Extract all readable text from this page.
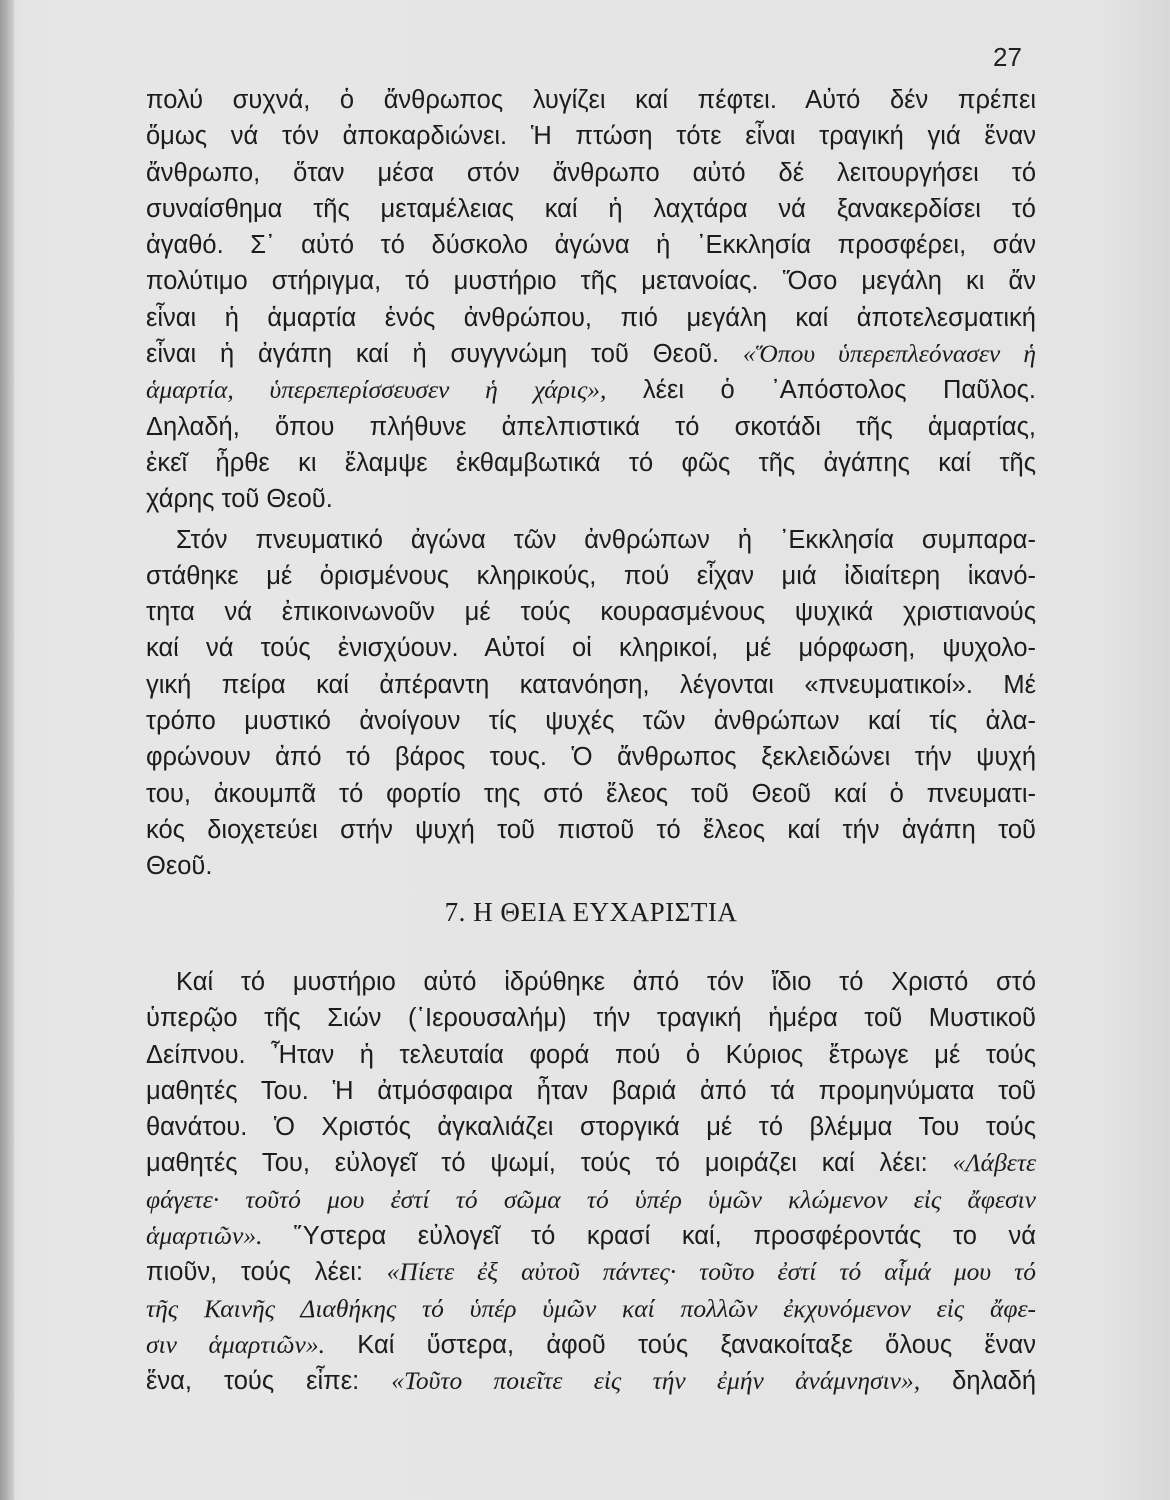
27

πολύ συχνά, ὁ ἄνθρωπος λυγίζει καί πέφτει. Αὐτό δέν πρέπει
ὅμως νά τόν ἀποκαρδιώνει. Ἡ πτώση τότε εἶναι τραγική γιά ἕναν
ἄνθρωπο, ὅταν μέσα στόν ἄνθρωπο αὐτό δέ λειτουργήσει τό
συναίσθημα τῆς μεταμέλειας καί ἡ λαχτάρα νά ξανακερδίσει τό
ἀγαθό. Σ᾿ αὐτό τό δύσκολο ἀγώνα ἡ ᾿Εκκλησία προσφέρει, σάν
πολύτιμο στήριγμα, τό μυστήριο τῆς μετανοίας. Ὅσο μεγάλη κι ἄν
εἶναι ἡ ἁμαρτία ἑνός ἀνθρώπου, πιό μεγάλη καί ἀποτελεσματική
εἶναι ἡ ἀγάπη καί ἡ συγγνώμη τοῦ Θεοῦ. «Ὅπου ὑπερεπλεόνασεν ἡ
ἁμαρτία, ὑπερεπερίσσευσεν ἡ χάρις», λέει ὁ ᾿Απόστολος Παῦλος.
Δηλαδή, ὅπου πλήθυνε ἀπελπιστικά τό σκοτάδι τῆς ἁμαρτίας,
ἐκεῖ ἦρθε κι ἔλαμψε ἐκθαμβωτικά τό φῶς τῆς ἀγάπης καί τῆς
χάρης τοῦ Θεοῦ.

Στόν πνευματικό ἀγώνα τῶν ἀνθρώπων ἡ ᾿Εκκλησία συμπαρα-
στάθηκε μέ ὁρισμένους κληρικούς, πού εἶχαν μιά ἰδιαίτερη ἱκανό-
τητα νά ἐπικοινωνοῦν μέ τούς κουρασμένους ψυχικά χριστιανούς
καί νά τούς ἐνισχύουν. Αὐτοί οἱ κληρικοί, μέ μόρφωση, ψυχολο-
γική πείρα καί ἀπέραντη κατανόηση, λέγονται «πνευματικοί». Μέ
τρόπο μυστικό ἀνοίγουν τίς ψυχές τῶν ἀνθρώπων καί τίς ἀλα-
φρώνουν ἀπό τό βάρος τους. Ὁ ἄνθρωπος ξεκλειδώνει τήν ψυχή
του, ἀκουμπᾶ τό φορτίο της στό ἔλεος τοῦ Θεοῦ καί ὁ πνευματι-
κός διοχετεύει στήν ψυχή τοῦ πιστοῦ τό ἔλεος καί τήν ἀγάπη τοῦ
Θεοῦ.

7. Η ΘΕΙΑ ΕΥΧΑΡΙΣΤΙΑ

Καί τό μυστήριο αὐτό ἱδρύθηκε ἀπό τόν ἴδιο τό Χριστό στό
ὑπερῷο τῆς Σιών (῾Ιερουσαλήμ) τήν τραγική ἡμέρα τοῦ Μυστικοῦ
Δείπνου. Ἦταν ἡ τελευταία φορά πού ὁ Κύριος ἔτρωγε μέ τούς
μαθητές Του. Ἡ ἀτμόσφαιρα ἦταν βαριά ἀπό τά προμηνύματα τοῦ
θανάτου. Ὁ Χριστός ἀγκαλιάζει στοργικά μέ τό βλέμμα Του τούς
μαθητές Του, εὐλογεῖ τό ψωμί, τούς τό μοιράζει καί λέει: «Λάβετε
φάγετε· τοῦτό μου ἐστί τό σῶμα τό ὑπέρ ὑμῶν κλώμενον εἰς ἄφεσιν
ἁμαρτιῶν». Ὕστερα εὐλογεῖ τό κρασί καί, προσφέροντάς το νά
πιοῦν, τούς λέει: «Πίετε ἐξ αὐτοῦ πάντες· τοῦτο ἐστί τό αἷμά μου τό
τῆς Καινῆς Διαθήκης τό ὑπέρ ὑμῶν καί πολλῶν ἐκχυνόμενον εἰς ἄφε-
σιν ἁμαρτιῶν». Καί ὕστερα, ἀφοῦ τούς ξανακοίταξε ὅλους ἕναν
ἕνα, τούς εἶπε: «Τοῦτο ποιεῖτε εἰς τήν ἐμήν ἀνάμνησιν», δηλαδή
